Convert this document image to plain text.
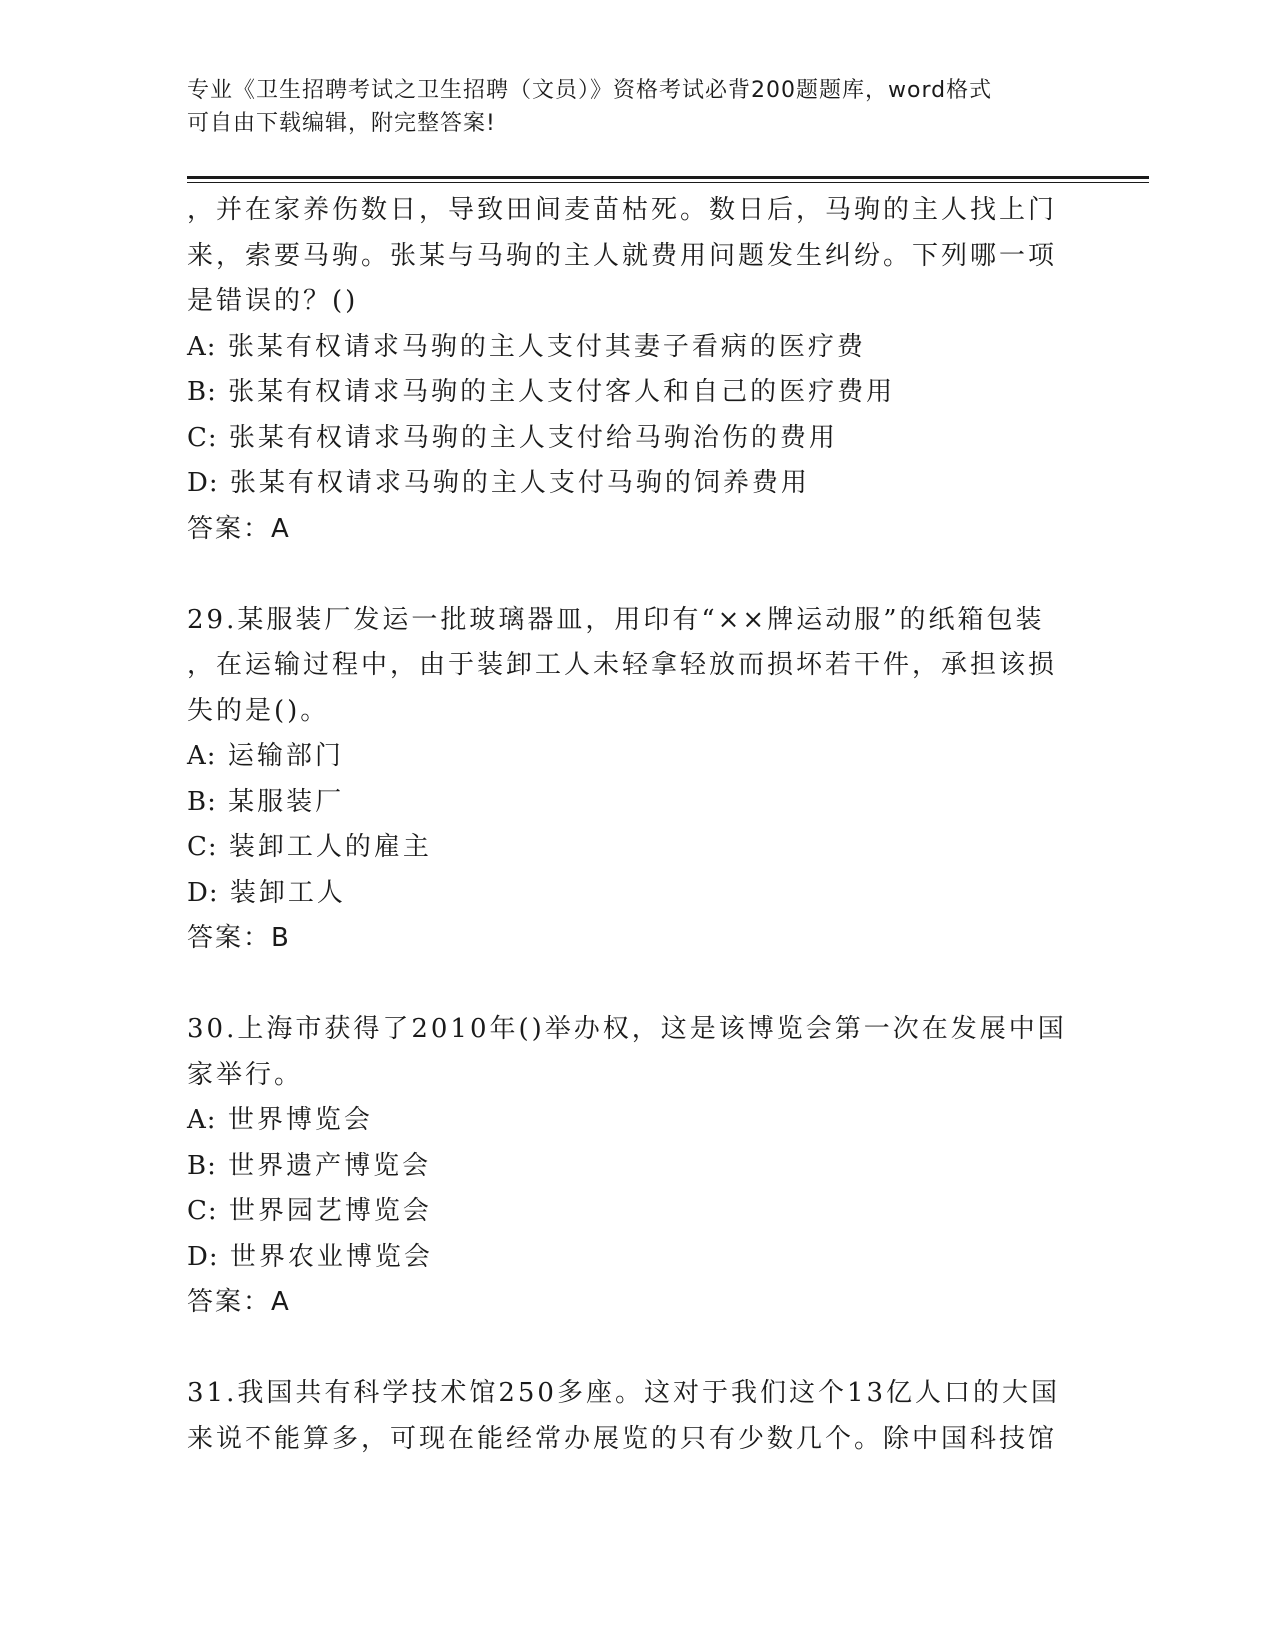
专业《卫生招聘考试之卫生招聘（文员）》资格考试必背200题题库，word格式
可自由下载编辑，附完整答案!
，并在家养伤数日，导致田间麦苗枯死。数日后，马驹的主人找上门
来，索要马驹。张某与马驹的主人就费用问题发生纠纷。下列哪一项
是错误的？()
A: 张某有权请求马驹的主人支付其妻子看病的医疗费
B: 张某有权请求马驹的主人支付客人和自己的医疗费用
C: 张某有权请求马驹的主人支付给马驹治伤的费用
D: 张某有权请求马驹的主人支付马驹的饲养费用
答案：A
29.某服装厂发运一批玻璃器皿，用印有“××牌运动服”的纸箱包装
，在运输过程中，由于装卸工人未轻拿轻放而损坏若干件，承担该损
失的是()。
A: 运输部门
B: 某服装厂
C: 装卸工人的雇主
D: 装卸工人
答案：B
30.上海市获得了2010年()举办权，这是该博览会第一次在发展中国
家举行。
A: 世界博览会
B: 世界遗产博览会
C: 世界园艺博览会
D: 世界农业博览会
答案：A
31.我国共有科学技术馆250多座。这对于我们这个13亿人口的大国
来说不能算多，可现在能经常办展览的只有少数几个。除中国科技馆
